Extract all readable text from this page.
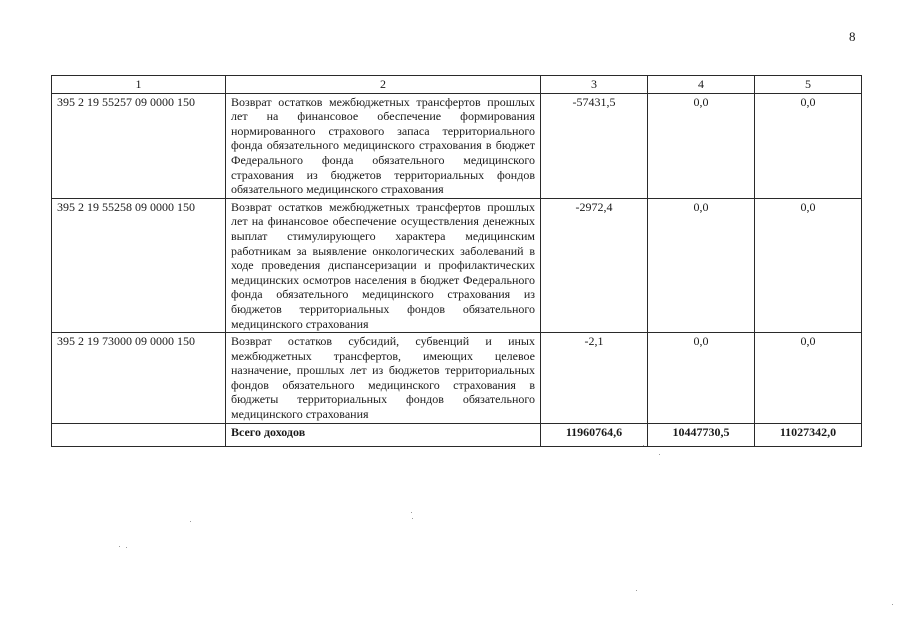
8
1	2	3	4	5
395 2 19 55257 09 0000 150	Возврат остатков межбюджетных трансфертов прошлых лет на финансовое обеспечение формирования нормированного страхового запаса территориального фонда обязательного медицинского страхования в бюджет Федерального фонда обязательного медицинского страхования из бюджетов территориальных фондов обязательного медицинского страхования	-57431,5	0,0	0,0
395 2 19 55258 09 0000 150	Возврат остатков межбюджетных трансфертов прошлых лет на финансовое обеспечение осуществления денежных выплат стимулирующего характера медицинским работникам за выявление онкологических заболеваний в ходе проведения диспансеризации и профилактических медицинских осмотров населения в бюджет Федерального фонда обязательного медицинского страхования из бюджетов территориальных фондов обязательного медицинского страхования	-2972,4	0,0	0,0
395 2 19 73000 09 0000 150	Возврат остатков субсидий, субвенций и иных межбюджетных трансфертов, имеющих целевое назначение, прошлых лет из бюджетов территориальных фондов обязательного медицинского страхования в бюджеты территориальных фондов обязательного медицинского страхования	-2,1	0,0	0,0
	Всего доходов	11960764,6	10447730,5	11027342,0
